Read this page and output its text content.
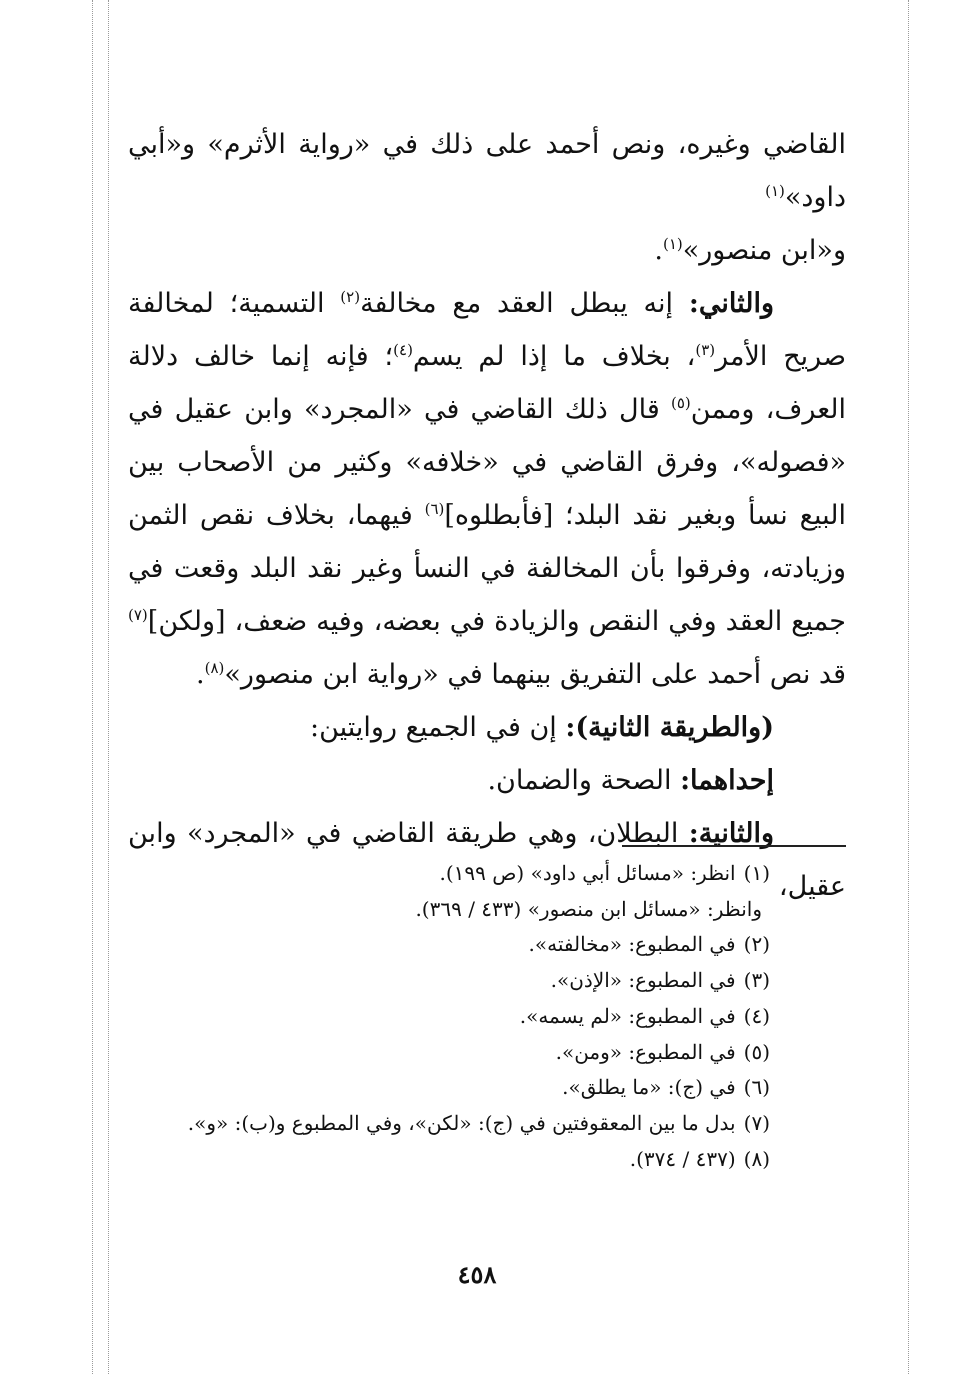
القاضي وغيره، ونص أحمد على ذلك في «رواية الأثرم» و«أبي داود»$^{(١)}$
و«ابن منصور»$^{(١)}$.

والثاني: إنه يبطل العقد مع مخالفة$^{(٢)}$ التسمية؛ لمخالفة صريح الأمر$^{(٣)}$، بخلاف ما إذا لم يسم$^{(٤)}$؛ فإنه إنما خالف دلالة العرف، وممن$^{(٥)}$ قال ذلك القاضي في «المجرد» وابن عقيل في «فصوله»، وفرق القاضي في «خلافه» وكثير من الأصحاب بين البيع نسأ وبغير نقد البلد؛ [فأبطلوه]$^{(٦)}$ فيهما، بخلاف نقص الثمن وزيادته، وفرقوا بأن المخالفة في النسأ وغير نقد البلد وقعت في جميع العقد وفي النقص والزيادة في بعضه، وفيه ضعف، [ولكن]$^{(٧)}$ قد نص أحمد على التفريق بينهما في «رواية ابن منصور»$^{(٨)}$.

(والطريقة الثانية): إن في الجميع روايتين:

إحداهما: الصحة والضمان.

والثانية: البطلان، وهي طريقة القاضي في «المجرد» وابن عقيل،

(١)انظر: «مسائل أبي داود» (ص ١٩٩).
وانظر: «مسائل ابن منصور» (٤٣٣ / ٣٦٩).
(٢)في المطبوع: «مخالفته».
(٣)في المطبوع: «الإذن».
(٤)في المطبوع: «لم يسمه».
(٥)في المطبوع: «ومن».
(٦)في (ج): «ما يطلق».
(٧)بدل ما بين المعقوفتين في (ج): «لكن»، وفي المطبوع و(ب): «و».
(٨)(٤٣٧ / ٣٧٤).
٤٥٨
